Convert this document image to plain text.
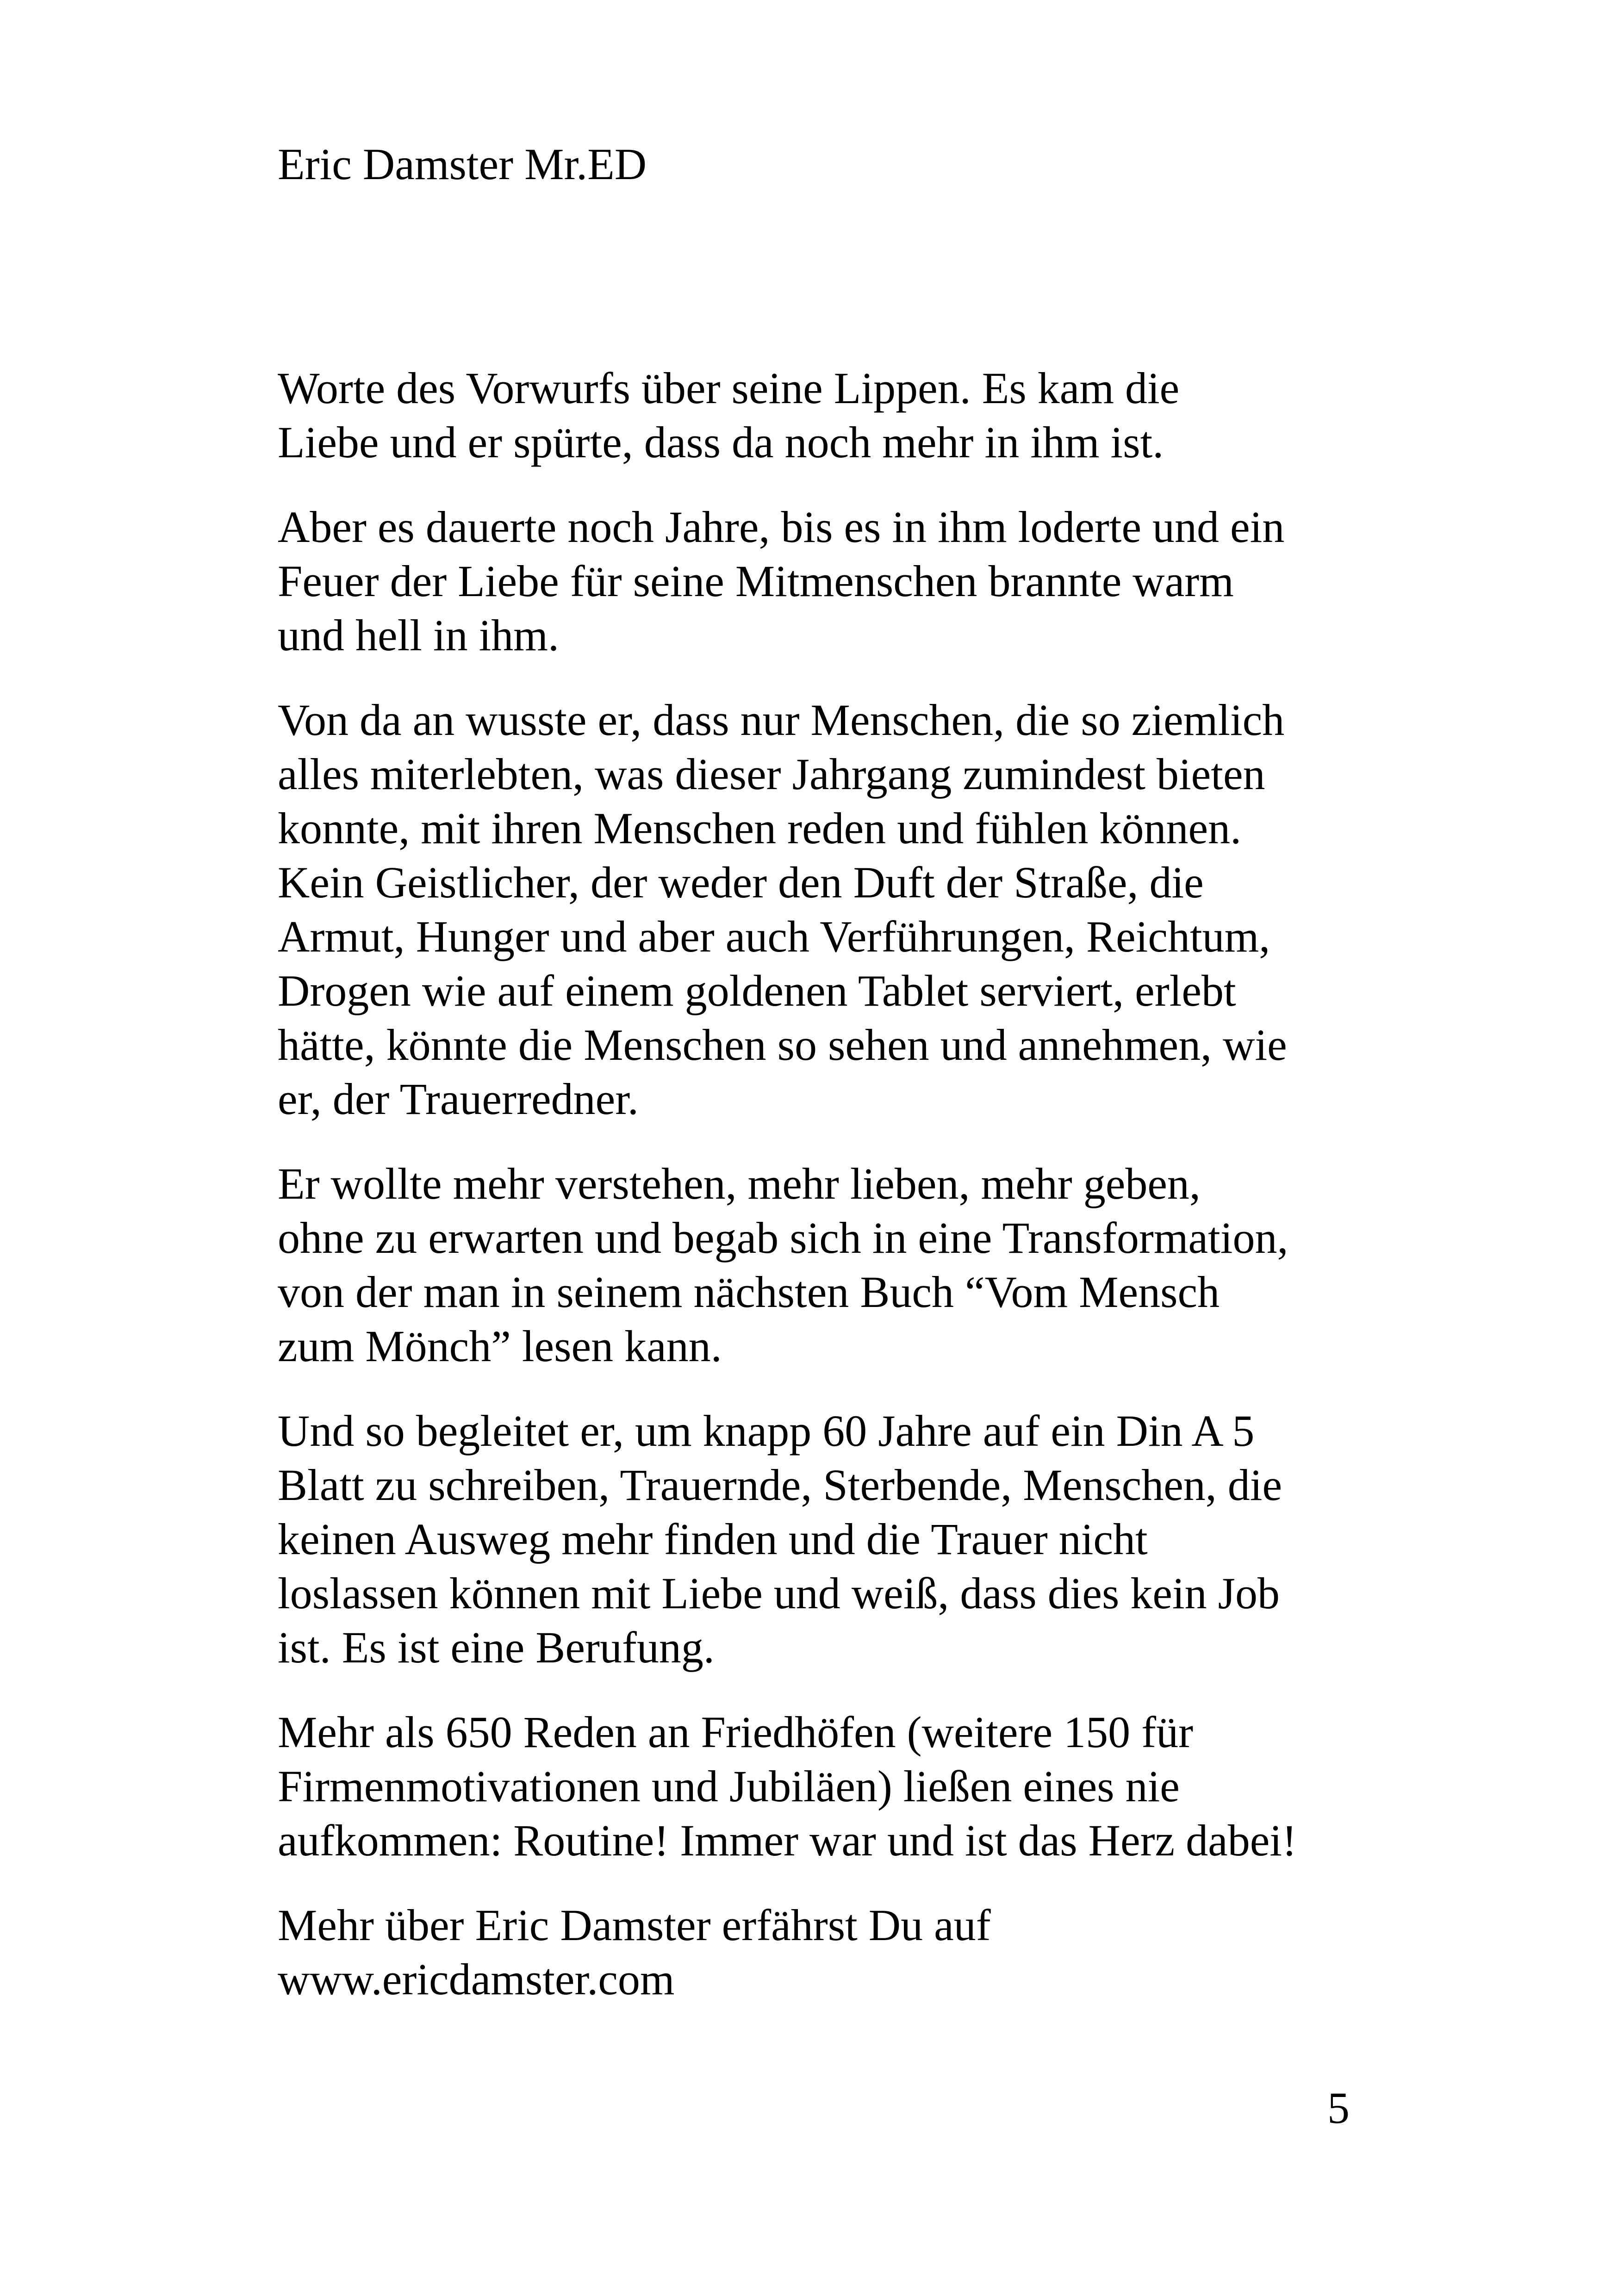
Eric Damster Mr.ED
Worte des Vorwurfs über seine Lippen. Es kam die
Liebe und er spürte, dass da noch mehr in ihm ist.
Aber es dauerte noch Jahre, bis es in ihm loderte und ein
Feuer der Liebe für seine Mitmenschen brannte warm
und hell in ihm.
Von da an wusste er, dass nur Menschen, die so ziemlich
alles miterlebten, was dieser Jahrgang zumindest bieten
konnte, mit ihren Menschen reden und fühlen können.
Kein Geistlicher, der weder den Duft der Straße, die
Armut, Hunger und aber auch Verführungen, Reichtum,
Drogen wie auf einem goldenen Tablet serviert, erlebt
hätte, könnte die Menschen so sehen und annehmen, wie
er, der Trauerredner.
Er wollte mehr verstehen, mehr lieben, mehr geben,
ohne zu erwarten und begab sich in eine Transformation,
von der man in seinem nächsten Buch “Vom Mensch
zum Mönch” lesen kann.
Und so begleitet er, um knapp 60 Jahre auf ein Din A 5
Blatt zu schreiben, Trauernde, Sterbende, Menschen, die
keinen Ausweg mehr finden und die Trauer nicht
loslassen können mit Liebe und weiß, dass dies kein Job
ist. Es ist eine Berufung.
Mehr als 650 Reden an Friedhöfen (weitere 150 für
Firmenmotivationen und Jubiläen) ließen eines nie
aufkommen: Routine! Immer war und ist das Herz dabei!
Mehr über Eric Damster erfährst Du auf
www.ericdamster.com
5
